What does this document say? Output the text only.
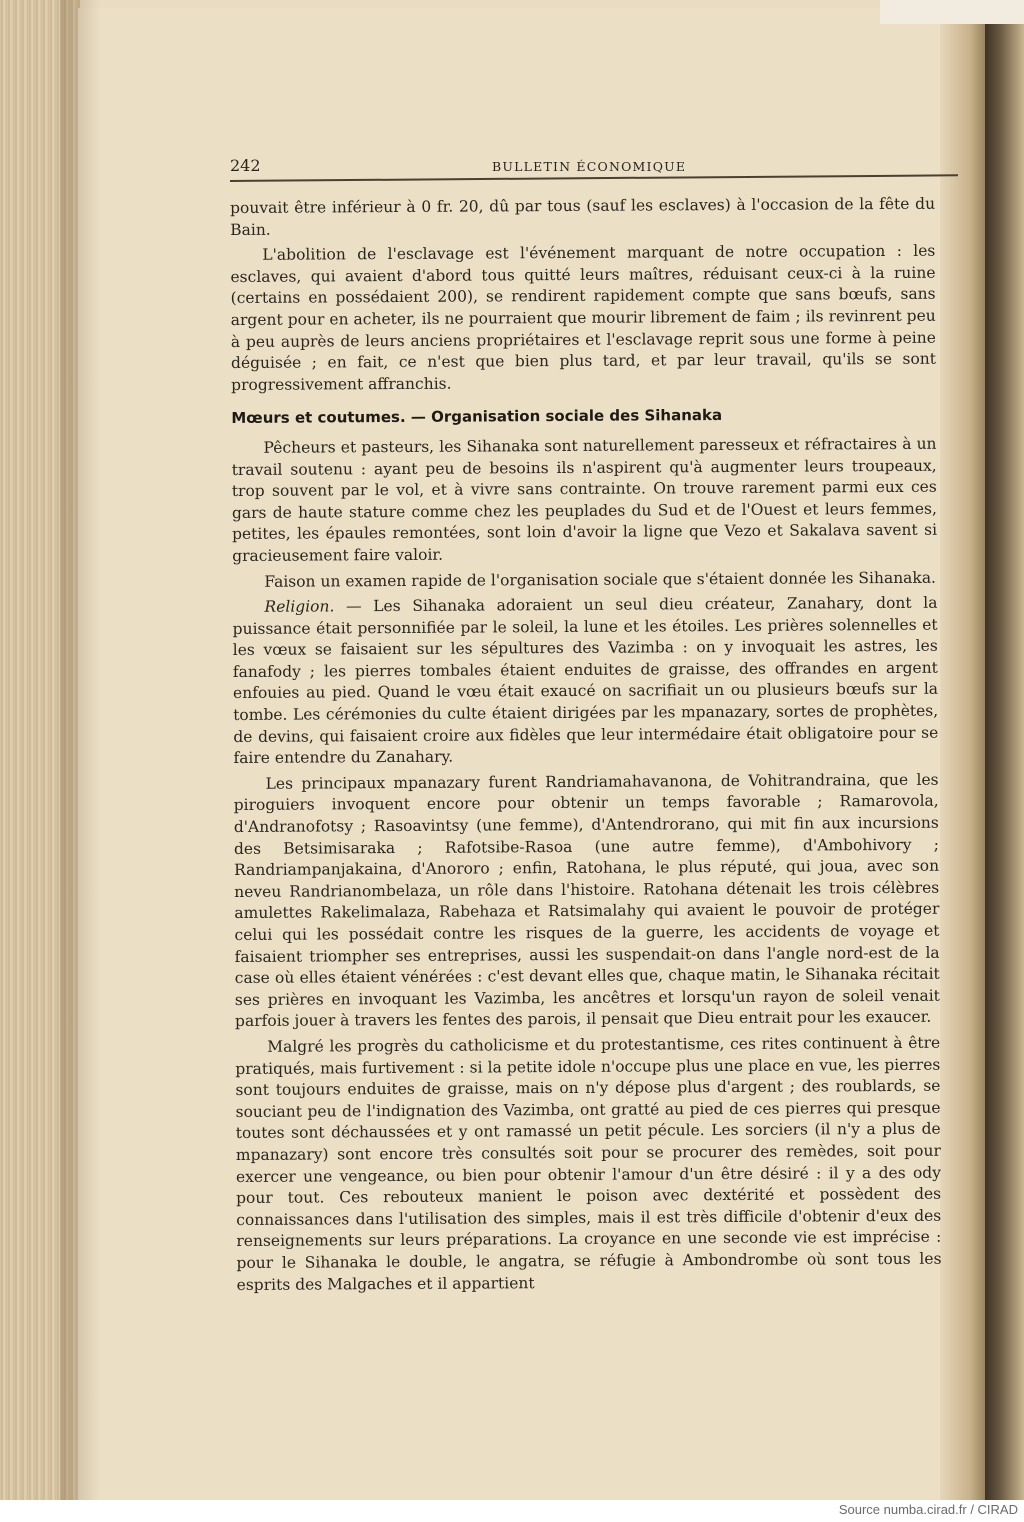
242	BULLETIN ÉCONOMIQUE

pouvait être inférieur à 0 fr. 20, dû par tous (sauf les esclaves) à l'occasion de la fête du Bain.

L'abolition de l'esclavage est l'événement marquant de notre occupation : les esclaves, qui avaient d'abord tous quitté leurs maîtres, réduisant ceux-ci à la ruine (certains en possédaient 200), se rendirent rapidement compte que sans bœufs, sans argent pour en acheter, ils ne pourraient que mourir librement de faim ; ils revinrent peu à peu auprès de leurs anciens propriétaires et l'esclavage reprit sous une forme à peine déguisée ; en fait, ce n'est que bien plus tard, et par leur travail, qu'ils se sont progressivement affranchis.

Mœurs et coutumes. — Organisation sociale des Sihanaka

Pêcheurs et pasteurs, les Sihanaka sont naturellement paresseux et réfractaires à un travail soutenu : ayant peu de besoins ils n'aspirent qu'à augmenter leurs troupeaux, trop souvent par le vol, et à vivre sans contrainte. On trouve rarement parmi eux ces gars de haute stature comme chez les peuplades du Sud et de l'Ouest et leurs femmes, petites, les épaules remontées, sont loin d'avoir la ligne que Vezo et Sakalava savent si gracieusement faire valoir.

Faison un examen rapide de l'organisation sociale que s'étaient donnée les Sihanaka.

Religion. — Les Sihanaka adoraient un seul dieu créateur, Zanahary, dont la puissance était personnifiée par le soleil, la lune et les étoiles. Les prières solennelles et les vœux se faisaient sur les sépultures des Vazimba : on y invoquait les astres, les fanafody ; les pierres tombales étaient enduites de graisse, des offrandes en argent enfouies au pied. Quand le vœu était exaucé on sacrifiait un ou plusieurs bœufs sur la tombe. Les cérémonies du culte étaient dirigées par les mpanazary, sortes de prophètes, de devins, qui faisaient croire aux fidèles que leur intermédaire était obligatoire pour se faire entendre du Zanahary.

Les principaux mpanazary furent Randriamahavanona, de Vohitrandraina, que les piroguiers invoquent encore pour obtenir un temps favorable ; Ramarovola, d'Andranofotsy ; Rasoavintsy (une femme), d'Antendrorano, qui mit fin aux incursions des Betsimisaraka ; Rafotsibe-Rasoa (une autre femme), d'Ambohivory ; Randriampanjakaina, d'Anororo ; enfin, Ratohana, le plus réputé, qui joua, avec son neveu Randrianombelaza, un rôle dans l'histoire. Ratohana détenait les trois célèbres amulettes Rakelimalaza, Rabehaza et Ratsimalahy qui avaient le pouvoir de protéger celui qui les possédait contre les risques de la guerre, les accidents de voyage et faisaient triompher ses entreprises, aussi les suspendait-on dans l'angle nord-est de la case où elles étaient vénérées : c'est devant elles que, chaque matin, le Sihanaka récitait ses prières en invoquant les Vazimba, les ancêtres et lorsqu'un rayon de soleil venait parfois jouer à travers les fentes des parois, il pensait que Dieu entrait pour les exaucer.

Malgré les progrès du catholicisme et du protestantisme, ces rites continuent à être pratiqués, mais furtivement : si la petite idole n'occupe plus une place en vue, les pierres sont toujours enduites de graisse, mais on n'y dépose plus d'argent ; des roublards, se souciant peu de l'indignation des Vazimba, ont gratté au pied de ces pierres qui presque toutes sont déchaussées et y ont ramassé un petit pécule. Les sorciers (il n'y a plus de mpanazary) sont encore très consultés soit pour se procurer des remèdes, soit pour exercer une vengeance, ou bien pour obtenir l'amour d'un être désiré : il y a des ody pour tout. Ces rebouteux manient le poison avec dextérité et possèdent des connaissances dans l'utilisation des simples, mais il est très difficile d'obtenir d'eux des renseignements sur leurs préparations. La croyance en une seconde vie est imprécise : pour le Sihanaka le double, le angatra, se réfugie à Ambondrombe où sont tous les esprits des Malgaches et il appartient

Source numba.cirad.fr / CIRAD
